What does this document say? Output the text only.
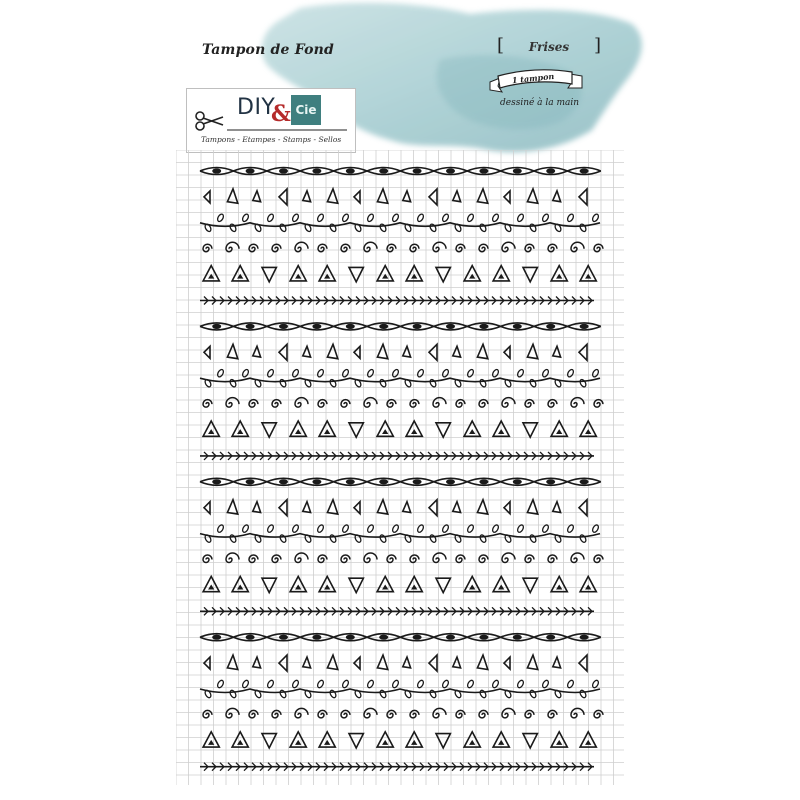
Tampon de Fond	[	Frises	]
1 tampon
dessiné à la main
DIY
& Cie
Tampons - Etampes - Stamps - Sellos
